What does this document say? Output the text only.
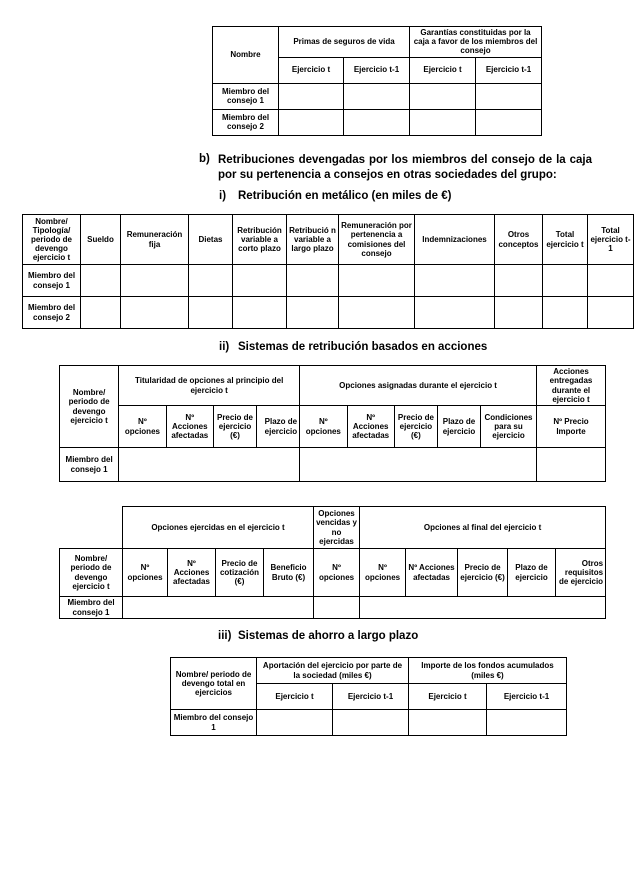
Nombre	Primas de seguros de vida		Garantías constituidas por la caja a favor de los miembros del consejo	
	Ejercicio t	Ejercicio t-1	Ejercicio t	Ejercicio t-1
Miembro del consejo 1				
Miembro del consejo 2				
b) Retribuciones devengadas por los miembros del consejo de la caja por su pertenencia a consejos en otras sociedades del grupo:
i) Retribución en metálico (en miles de €)
Nombre/ Tipología/ periodo de devengo ejercicio t	Sueldo	Remuneración fija	Dietas	Retribución variable a corto plazo	Retribució n variable a largo plazo	Remuneración por pertenencia a comisiones del consejo	Indemnizaciones	Otros conceptos	Total ejercicio t	Total ejercicio t-1
Miembro del consejo 1										
Miembro del consejo 2										
ii) Sistemas de retribución basados en acciones
Nombre/ periodo de devengo ejercicio t	Titularidad de opciones al principio del ejercicio t				Opciones asignadas durante el ejercicio t					Acciones entregadas durante el ejercicio t
	Nº opciones	Nº Acciones afectadas	Precio de ejercicio (€)	Plazo de ejercicio	Nº opciones	Nº Acciones afectadas	Precio de ejercicio (€)	Plazo de ejercicio	Condiciones para su ejercicio	Nº Precio Importe
Miembro del consejo 1										
	Opciones ejercidas en el ejercicio t				Opciones vencidas y no ejercidas	Opciones al final del ejercicio t				
Nombre/ periodo de devengo ejercicio t	Nº opciones	Nº Acciones afectadas	Precio de cotización (€)	Beneficio Bruto (€)	Nº opciones	Nº opciones	Nº Acciones afectadas	Precio de ejercicio (€)	Plazo de ejercicio	Otros requisitos de ejercicio
Miembro del consejo 1										
iii) Sistemas de ahorro a largo plazo
Nombre/ periodo de devengo total en ejercicios	Aportación del ejercicio por parte de la sociedad (miles €)		Importe de los fondos acumulados (miles €)	
	Ejercicio t	Ejercicio t-1	Ejercicio t	Ejercicio t-1
Miembro del consejo 1				
